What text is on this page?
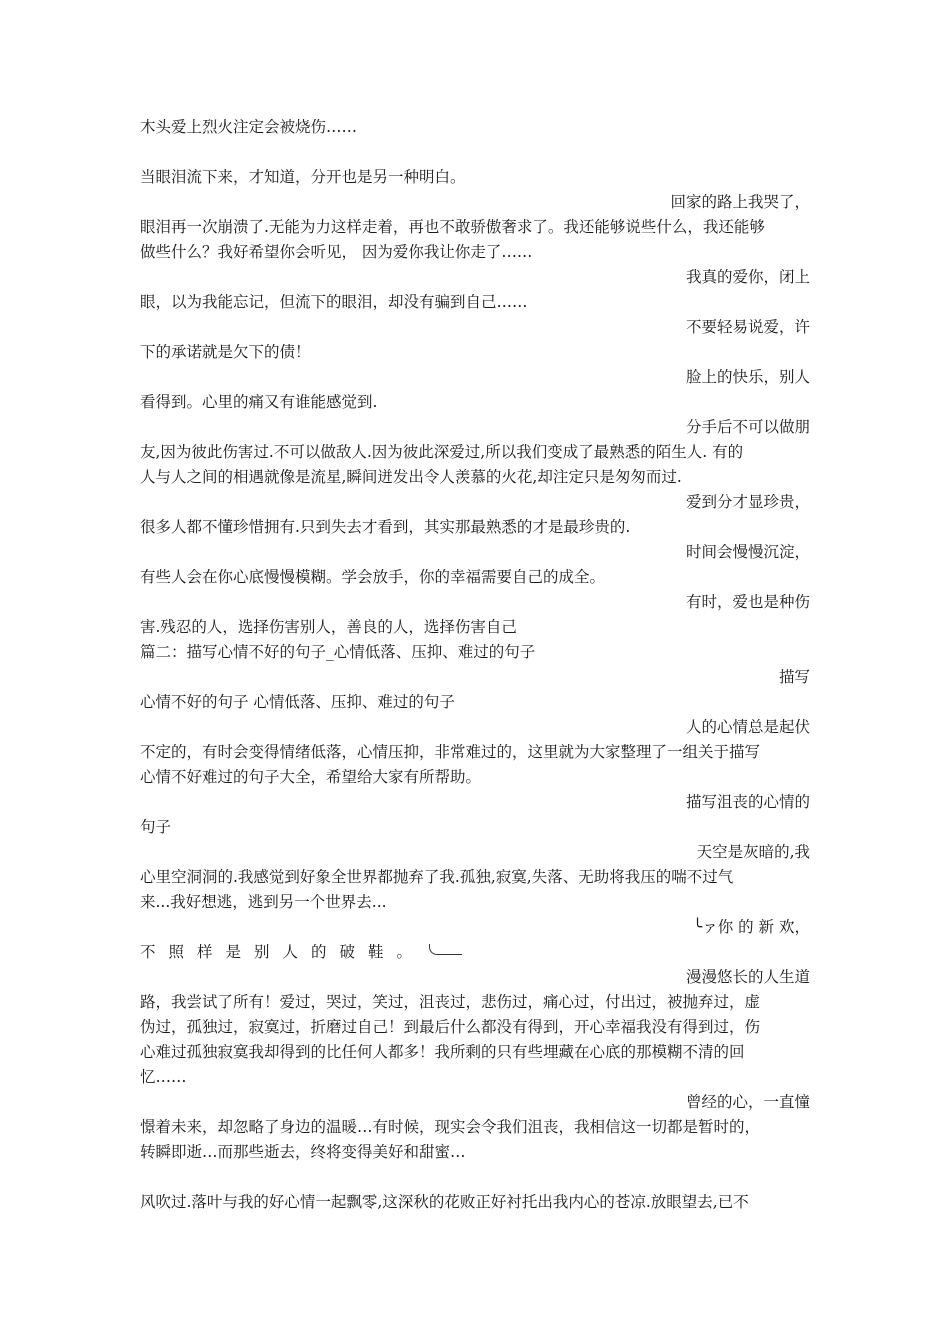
木头爱上烈火注定会被烧伤……
当眼泪流下来，才知道，分开也是另一种明白。
回家的路上我哭了，
眼泪再一次崩溃了.无能为力这样走着，再也不敢骄傲奢求了。我还能够说些什么，我还能够
做些什么？我好希望你会听见， 因为爱你我让你走了……
我真的爱你，闭上
眼，以为我能忘记，但流下的眼泪，却没有骗到自己……
不要轻易说爱，许
下的承诺就是欠下的债！
脸上的快乐，别人
看得到。心里的痛又有谁能感觉到.
分手后不可以做朋
友,因为彼此伤害过.不可以做敌人.因为彼此深爱过,所以我们变成了最熟悉的陌生人. 有的
人与人之间的相遇就像是流星,瞬间迸发出令人羡慕的火花,却注定只是匆匆而过.
爱到分才显珍贵，
很多人都不懂珍惜拥有.只到失去才看到，其实那最熟悉的才是最珍贵的.
时间会慢慢沉淀，
有些人会在你心底慢慢模糊。学会放手，你的幸福需要自己的成全。
有时，爱也是种伤
害.残忍的人，选择伤害别人，善良的人，选择伤害自己
篇二：描写心情不好的句子_心情低落、压抑、难过的句子
描写
心情不好的句子 心情低落、压抑、难过的句子
人的心情总是起伏
不定的，有时会变得情绪低落，心情压抑，非常难过的，这里就为大家整理了一组关于描写
心情不好难过的句子大全，希望给大家有所帮助。
描写沮丧的心情的
句子
天空是灰暗的,我
心里空洞洞的.我感觉到好象全世界都抛弃了我.孤独,寂寞,失落、无助将我压的喘不过气
来...我好想逃，逃到另一个世界去...
╰ァ你 的 新 欢，
不照样是别人的破鞋。
漫漫悠长的人生道
路，我尝试了所有！爱过，哭过，笑过，沮丧过，悲伤过，痛心过，付出过，被抛弃过，虚
伪过，孤独过，寂寞过，折磨过自己！到最后什么都没有得到，开心幸福我没有得到过，伤
心难过孤独寂寞我却得到的比任何人都多！我所剩的只有些埋藏在心底的那模糊不清的回
忆……
曾经的心，一直憧
憬着未来，却忽略了身边的温暖…有时候，现实会令我们沮丧，我相信这一切都是暂时的，
转瞬即逝…而那些逝去，终将变得美好和甜蜜…
风吹过.落叶与我的好心情一起飘零,这深秋的花败正好衬托出我内心的苍凉.放眼望去,已不
